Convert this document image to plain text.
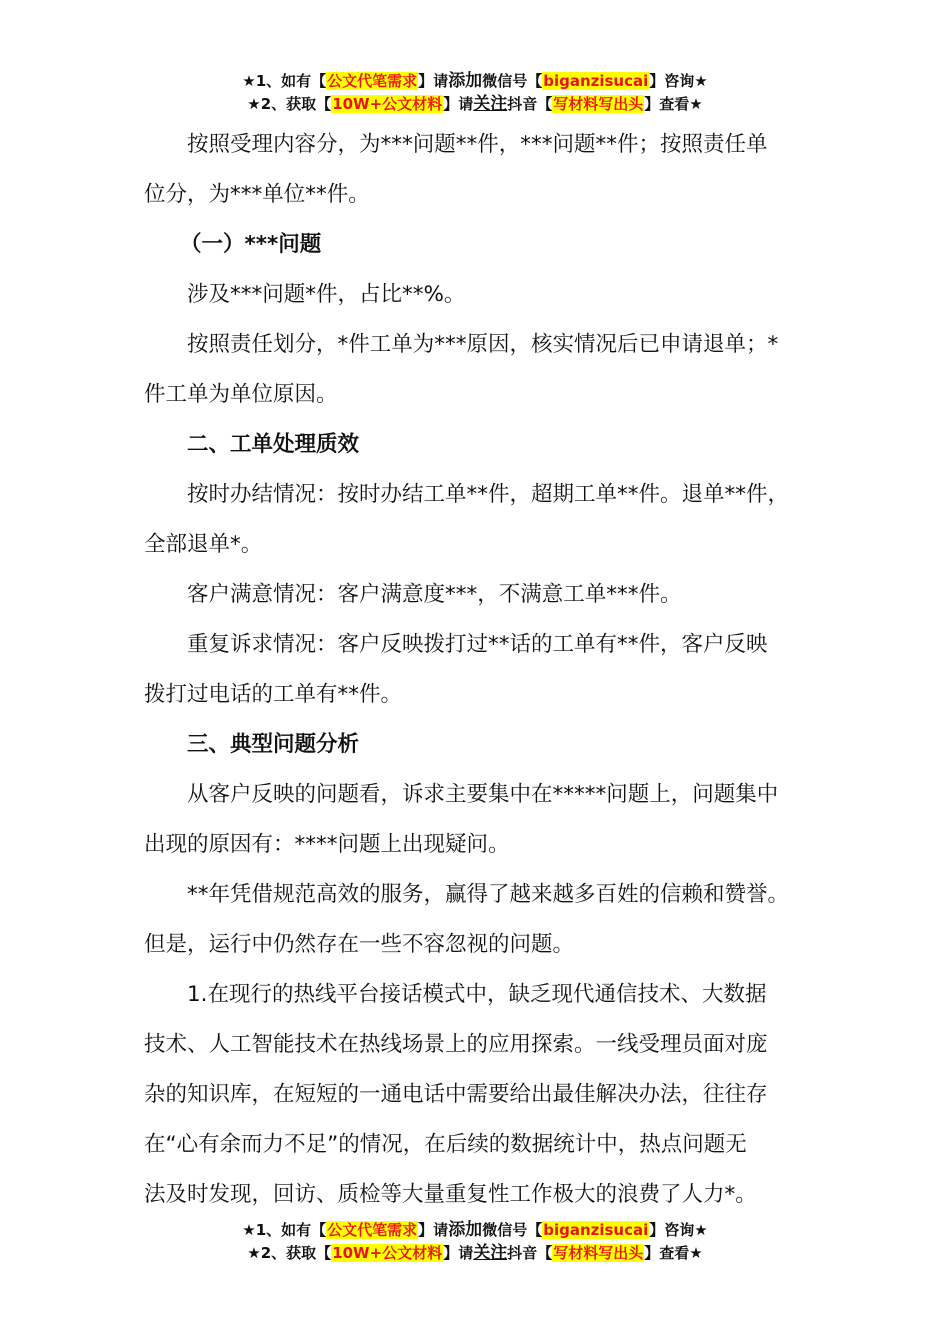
★1、如有【公文代笔需求】请添加微信号【biganzisucai】咨询★
★2、获取【10W+公文材料】请关注抖音【写材料写出头】查看★
按照受理内容分，为***问题**件，***问题**件；按照责任单
位分，为***单位**件。
（一）***问题
涉及***问题*件，占比**%。
按照责任划分，*件工单为***原因，核实情况后已申请退单；*
件工单为单位原因。
二、工单处理质效
按时办结情况：按时办结工单**件，超期工单**件。退单**件，
全部退单*。
客户满意情况：客户满意度***，不满意工单***件。
重复诉求情况：客户反映拨打过**话的工单有**件，客户反映
拨打过电话的工单有**件。
三、典型问题分析
从客户反映的问题看，诉求主要集中在*****问题上，问题集中
出现的原因有：****问题上出现疑问。
**年凭借规范高效的服务，赢得了越来越多百姓的信赖和赞誉。
但是，运行中仍然存在一些不容忽视的问题。
1.在现行的热线平台接话模式中，缺乏现代通信技术、大数据
技术、人工智能技术在热线场景上的应用探索。一线受理员面对庞
杂的知识库，在短短的一通电话中需要给出最佳解决办法，往往存
在“心有余而力不足”的情况，在后续的数据统计中，热点问题无
法及时发现，回访、质检等大量重复性工作极大的浪费了人力*。
★1、如有【公文代笔需求】请添加微信号【biganzisucai】咨询★
★2、获取【10W+公文材料】请关注抖音【写材料写出头】查看★
